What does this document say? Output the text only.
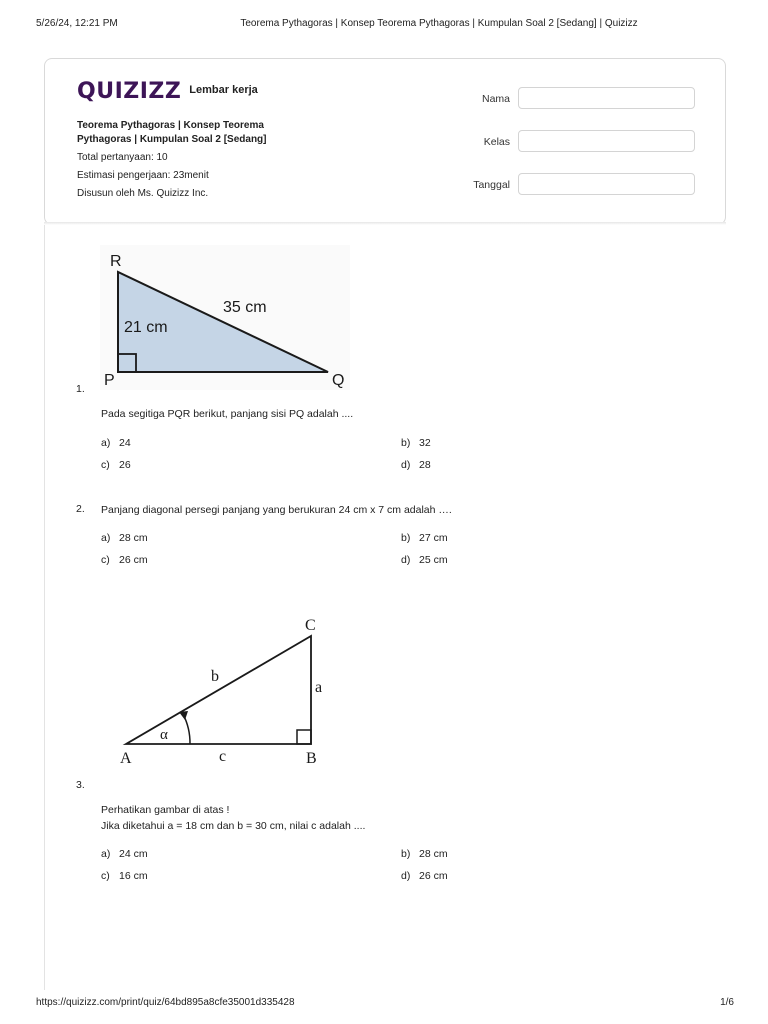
5/26/24, 12:21 PM	Teorema Pythagoras | Konsep Teorema Pythagoras | Kumpulan Soal 2 [Sedang] | Quizizz
QUIZIZZ Lembar kerja
Teorema Pythagoras | Konsep Teorema Pythagoras | Kumpulan Soal 2 [Sedang]
Total pertanyaan: 10
Estimasi pengerjaan: 23menit
Disusun oleh Ms. Quizizz Inc.
Nama
Kelas
Tanggal
R
P	Q
21 cm
35 cm
1.
Pada segitiga PQR berikut, panjang sisi PQ adalah ....
a) 24	b) 32
c) 26	d) 28
2. Panjang diagonal persegi panjang yang berukuran 24 cm x 7 cm adalah ….
a) 28 cm	b) 27 cm
c) 26 cm	d) 25 cm
C
A	B
a
b
c
α
3.
Perhatikan gambar di atas !
Jika diketahui a = 18 cm dan b = 30 cm, nilai c adalah ....
a) 24 cm	b) 28 cm
c) 16 cm	d) 26 cm
https://quizizz.com/print/quiz/64bd895a8cfe35001d335428	1/6
